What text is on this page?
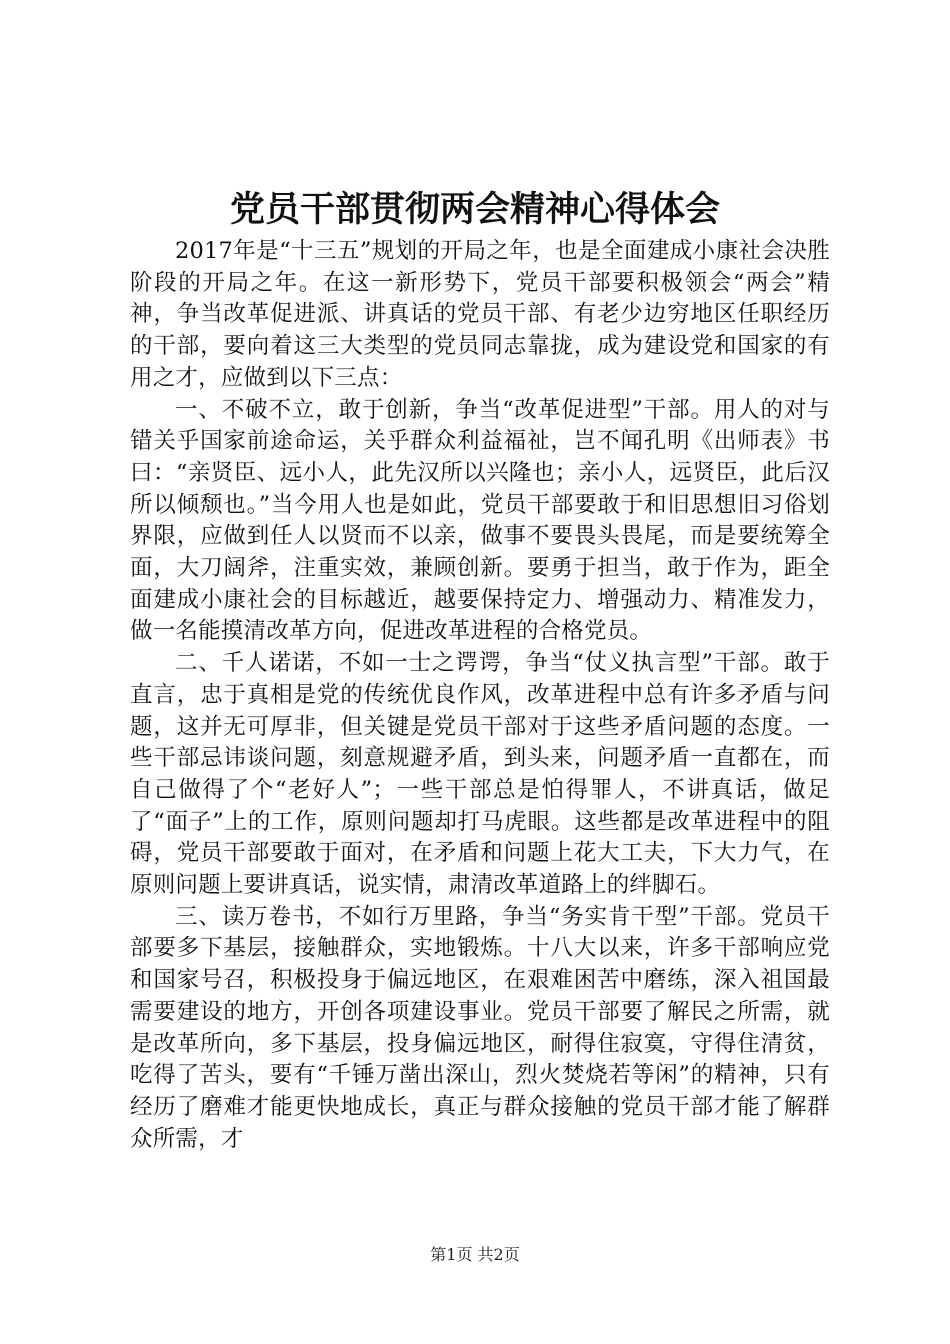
党员干部贯彻两会精神心得体会

2017年是“十三五”规划的开局之年，也是全面建成小康社会决胜阶段的开局之年。在这一新形势下，党员干部要积极领会“两会”精神，争当改革促进派、讲真话的党员干部、有老少边穷地区任职经历的干部，要向着这三大类型的党员同志靠拢，成为建设党和国家的有用之才，应做到以下三点：

一、不破不立，敢于创新，争当“改革促进型”干部。用人的对与错关乎国家前途命运，关乎群众利益福祉，岂不闻孔明《出师表》书曰：“亲贤臣、远小人，此先汉所以兴隆也；亲小人，远贤臣，此后汉所以倾颓也。”当今用人也是如此，党员干部要敢于和旧思想旧习俗划界限，应做到任人以贤而不以亲，做事不要畏头畏尾，而是要统筹全面，大刀阔斧，注重实效，兼顾创新。要勇于担当，敢于作为，距全面建成小康社会的目标越近，越要保持定力、增强动力、精准发力，做一名能摸清改革方向，促进改革进程的合格党员。

二、千人诺诺，不如一士之谔谔，争当“仗义执言型”干部。敢于直言，忠于真相是党的传统优良作风，改革进程中总有许多矛盾与问题，这并无可厚非，但关键是党员干部对于这些矛盾问题的态度。一些干部忌讳谈问题，刻意规避矛盾，到头来，问题矛盾一直都在，而自己做得了个“老好人”；一些干部总是怕得罪人，不讲真话，做足了“面子”上的工作，原则问题却打马虎眼。这些都是改革进程中的阻碍，党员干部要敢于面对，在矛盾和问题上花大工夫，下大力气，在原则问题上要讲真话，说实情，肃清改革道路上的绊脚石。

三、读万卷书，不如行万里路，争当“务实肯干型”干部。党员干部要多下基层，接触群众，实地锻炼。十八大以来，许多干部响应党和国家号召，积极投身于偏远地区，在艰难困苦中磨练，深入祖国最需要建设的地方，开创各项建设事业。党员干部要了解民之所需，就是改革所向，多下基层，投身偏远地区，耐得住寂寞，守得住清贫，吃得了苦头，要有“千锤万凿出深山，烈火焚烧若等闲”的精神，只有经历了磨难才能更快地成长，真正与群众接触的党员干部才能了解群众所需，才

第1页 共2页
